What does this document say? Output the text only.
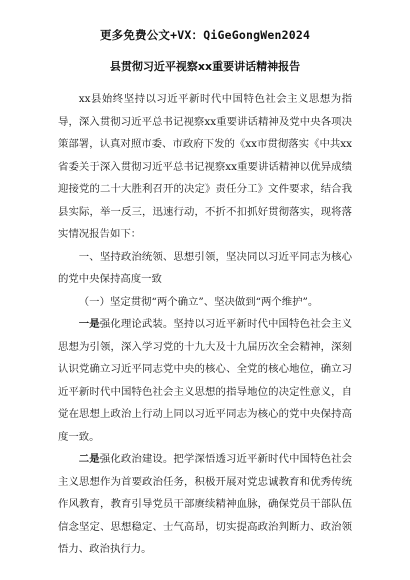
更多免费公文+VX：QiGeGongWen2024
县贯彻习近平视察xx重要讲话精神报告

xx县始终坚持以习近平新时代中国特色社会主义思想为指导，深入贯彻习近平总书记视察xx重要讲话精神及党中央各项决策部署，认真对照市委、市政府下发的《xx市贯彻落实《中共xx省委关于深入贯彻习近平总书记视察xx重要讲话精神以优异成绩迎接党的二十大胜利召开的决定》责任分工》文件要求，结合我县实际，举一反三，迅速行动，不折不扣抓好贯彻落实，现将落实情况报告如下：

一、坚持政治统领、思想引领，坚决同以习近平同志为核心的党中央保持高度一致

（一）坚定贯彻“两个确立”、坚决做到“两个维护”。

一是强化理论武装。坚持以习近平新时代中国特色社会主义思想为引领，深入学习党的十九大及十九届历次全会精神，深刻认识党确立习近平同志党中央的核心、全党的核心地位，确立习近平新时代中国特色社会主义思想的指导地位的决定性意义，自觉在思想上政治上行动上同以习近平同志为核心的党中央保持高度一致。

二是强化政治建设。把学深悟透习近平新时代中国特色社会主义思想作为首要政治任务，积极开展对党忠诚教育和优秀传统作风教育，教育引导党员干部赓续精神血脉，确保党员干部队伍信念坚定、思想稳定、士气高昂，切实提高政治判断力、政治领悟力、政治执行力。
